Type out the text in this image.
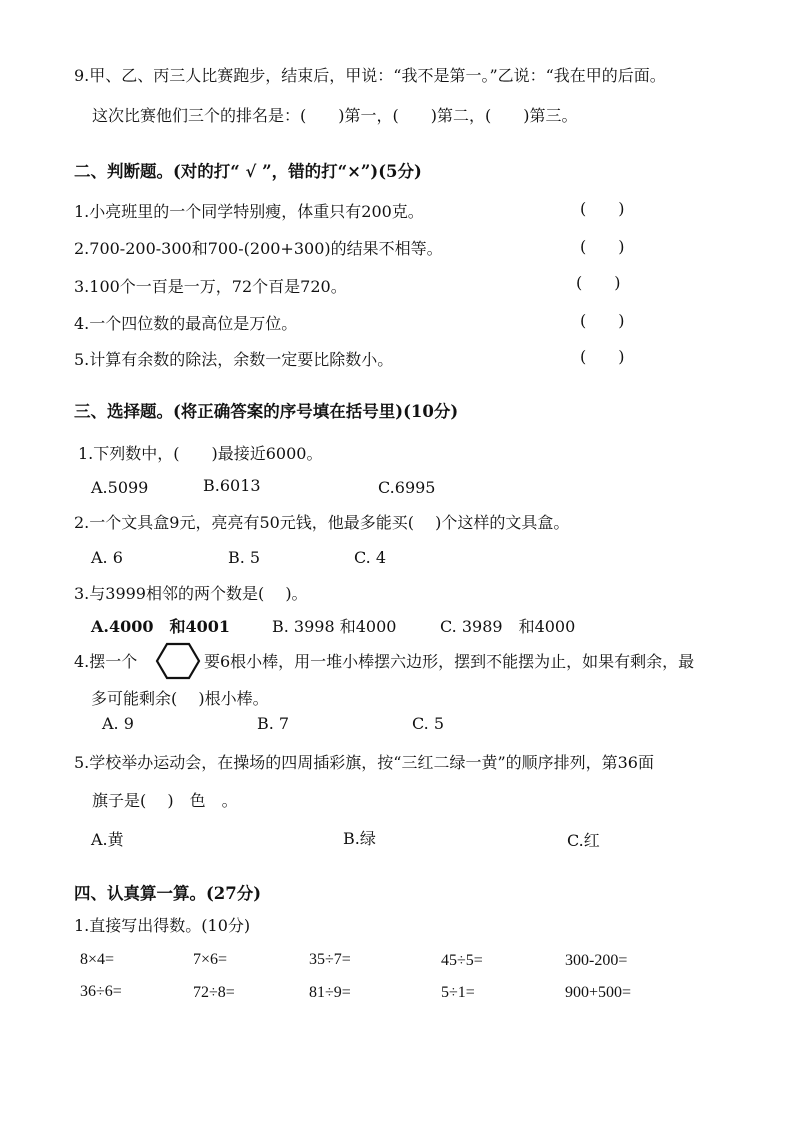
9.甲、乙、丙三人比赛跑步，结束后，甲说：“我不是第一。”乙说：“我在甲的后面。
这次比赛他们三个的排名是：(　　)第一，(　　)第二，(　　)第三。
二、判断题。(对的打“ √ ”，错的打“×”)(5分)
1.小亮班里的一个同学特别瘦，体重只有200克。	(　　)
2.700-200-300和700-(200+300)的结果不相等。	(　　)
3.100个一百是一万，72个百是720。	(　　)
4.一个四位数的最高位是万位。	(　　)
5.计算有余数的除法，余数一定要比除数小。	(　　)
三、选择题。(将正确答案的序号填在括号里)(10分)
1.下列数中，(　　)最接近6000。
A.5099	B.6013	C.6995
2.一个文具盒9元，亮亮有50元钱，他最多能买(　 )个这样的文具盒。
A. 6	B. 5	C. 4
3.与3999相邻的两个数是(　 )。
A.4000　和4001	B. 3998 和4000	C. 3989　和4000
4.摆一个	要6根小棒，用一堆小棒摆六边形，摆到不能摆为止，如果有剩余，最
多可能剩余(　 )根小棒。
A. 9	B. 7	C. 5
5.学校举办运动会，在操场的四周插彩旗，按“三红二绿一黄”的顺序排列，第36面
旗子是(　 )　色　。
A.黄	B.绿	C.红
四、认真算一算。(27分)
1.直接写出得数。(10分)
8×4=	7×6=	35÷7=	45÷5=	300-200=
36÷6=	72÷8=	81÷9=	5÷1=	900+500=
